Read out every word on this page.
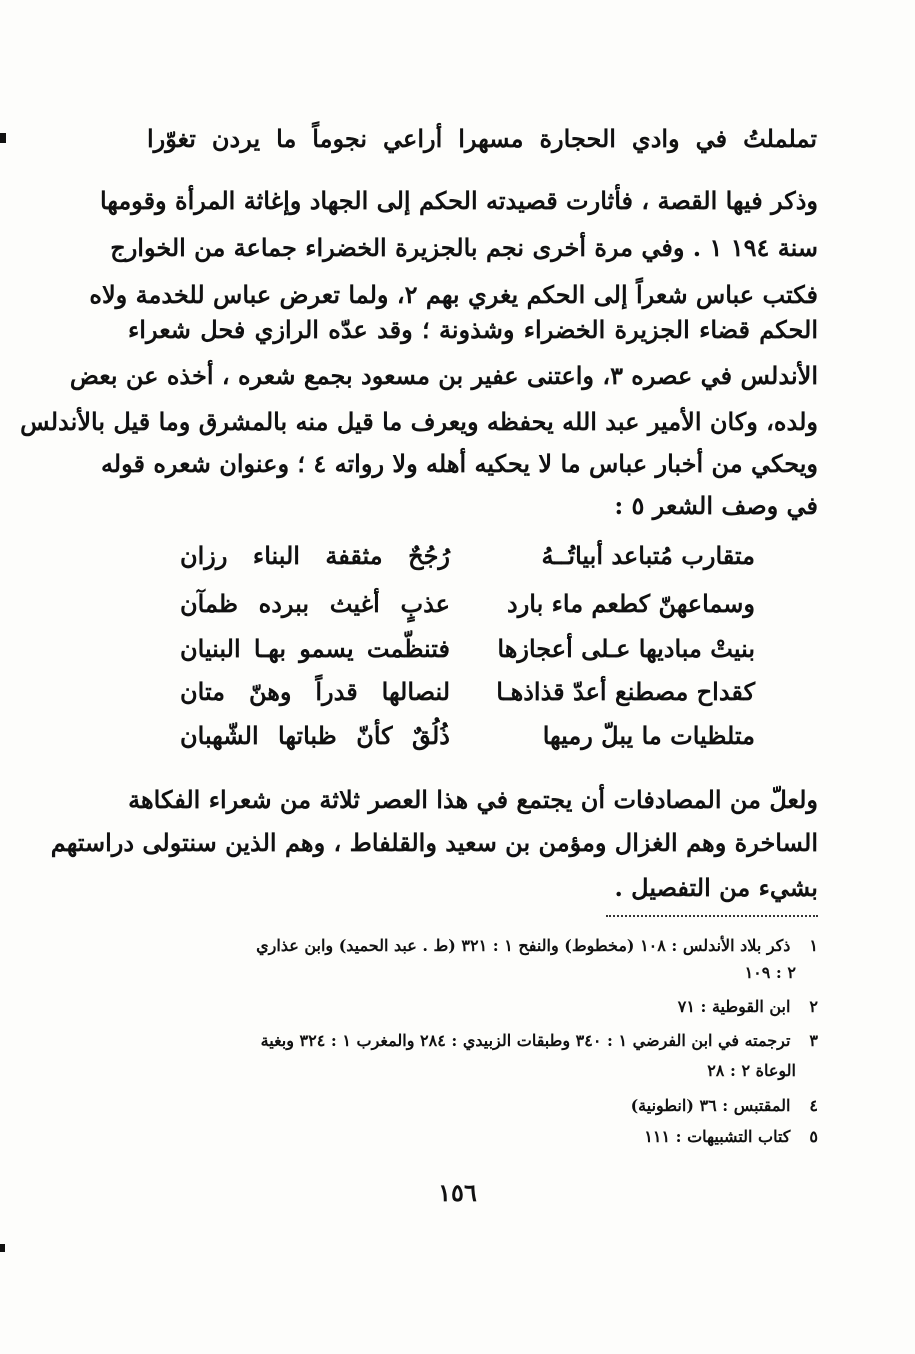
تململتُ في وادي الحجارة مسهرا أراعي نجوماً ما يردن تغوّرا
وذكر فيها القصة ، فأثارت قصيدته الحكم إلى الجهاد وإغاثة المرأة وقومها
سنة ١٩٤ ١ . وفي مرة أخرى نجم بالجزيرة الخضراء جماعة من الخوارج
فكتب عباس شعراً إلى الحكم يغري بهم ٢، ولما تعرض عباس للخدمة ولاه
الحكم قضاء الجزيرة الخضراء وشذونة ؛ وقد عدّه الرازي فحل شعراء
الأندلس في عصره ٣، واعتنى عفير بن مسعود بجمع شعره ، أخذه عن بعض
ولده، وكان الأمير عبد الله يحفظه ويعرف ما قيل منه بالمشرق وما قيل بالأندلس
ويحكي من أخبار عباس ما لا يحكيه أهله ولا رواته ٤ ؛ وعنوان شعره قوله
في وصف الشعر ٥ :
متقارب مُتباعد أبياتُــهُ
رُجُحٌ مثقفة البناء رزان
وسماعهنّ كطعم ماء بارد
عذبٍ أغيث ببرده ظمآن
بنيتْ مباديها عـلى أعجازها
فتنظّمت يسمو بهـا البنيان
كقداح مصطنع أعدّ قذاذهـا
لنصالها قدراً وهنّ متان
متلظيات ما يبلّ رميها
ذُلُقٌ كأنّ ظباتها الشّهبان
ولعلّ من المصادفات أن يجتمع في هذا العصر ثلاثة من شعراء الفكاهة
الساخرة وهم الغزال ومؤمن بن سعيد والقلفاط ، وهم الذين سنتولى دراستهم
بشيء من التفصيل .
١ ذكر بلاد الأندلس : ١٠٨ (مخطوط) والنفح ١ : ٣٢١ (ط . عبد الحميد) وابن عذاري
٢ : ١٠٩
٢ ابن القوطية : ٧١
٣ ترجمته في ابن الفرضي ١ : ٣٤٠ وطبقات الزبيدي : ٢٨٤ والمغرب ١ : ٣٢٤ وبغية
الوعاة ٢ : ٢٨
٤ المقتبس : ٣٦ (انطونية)
٥ كتاب التشبيهات : ١١١
١٥٦
